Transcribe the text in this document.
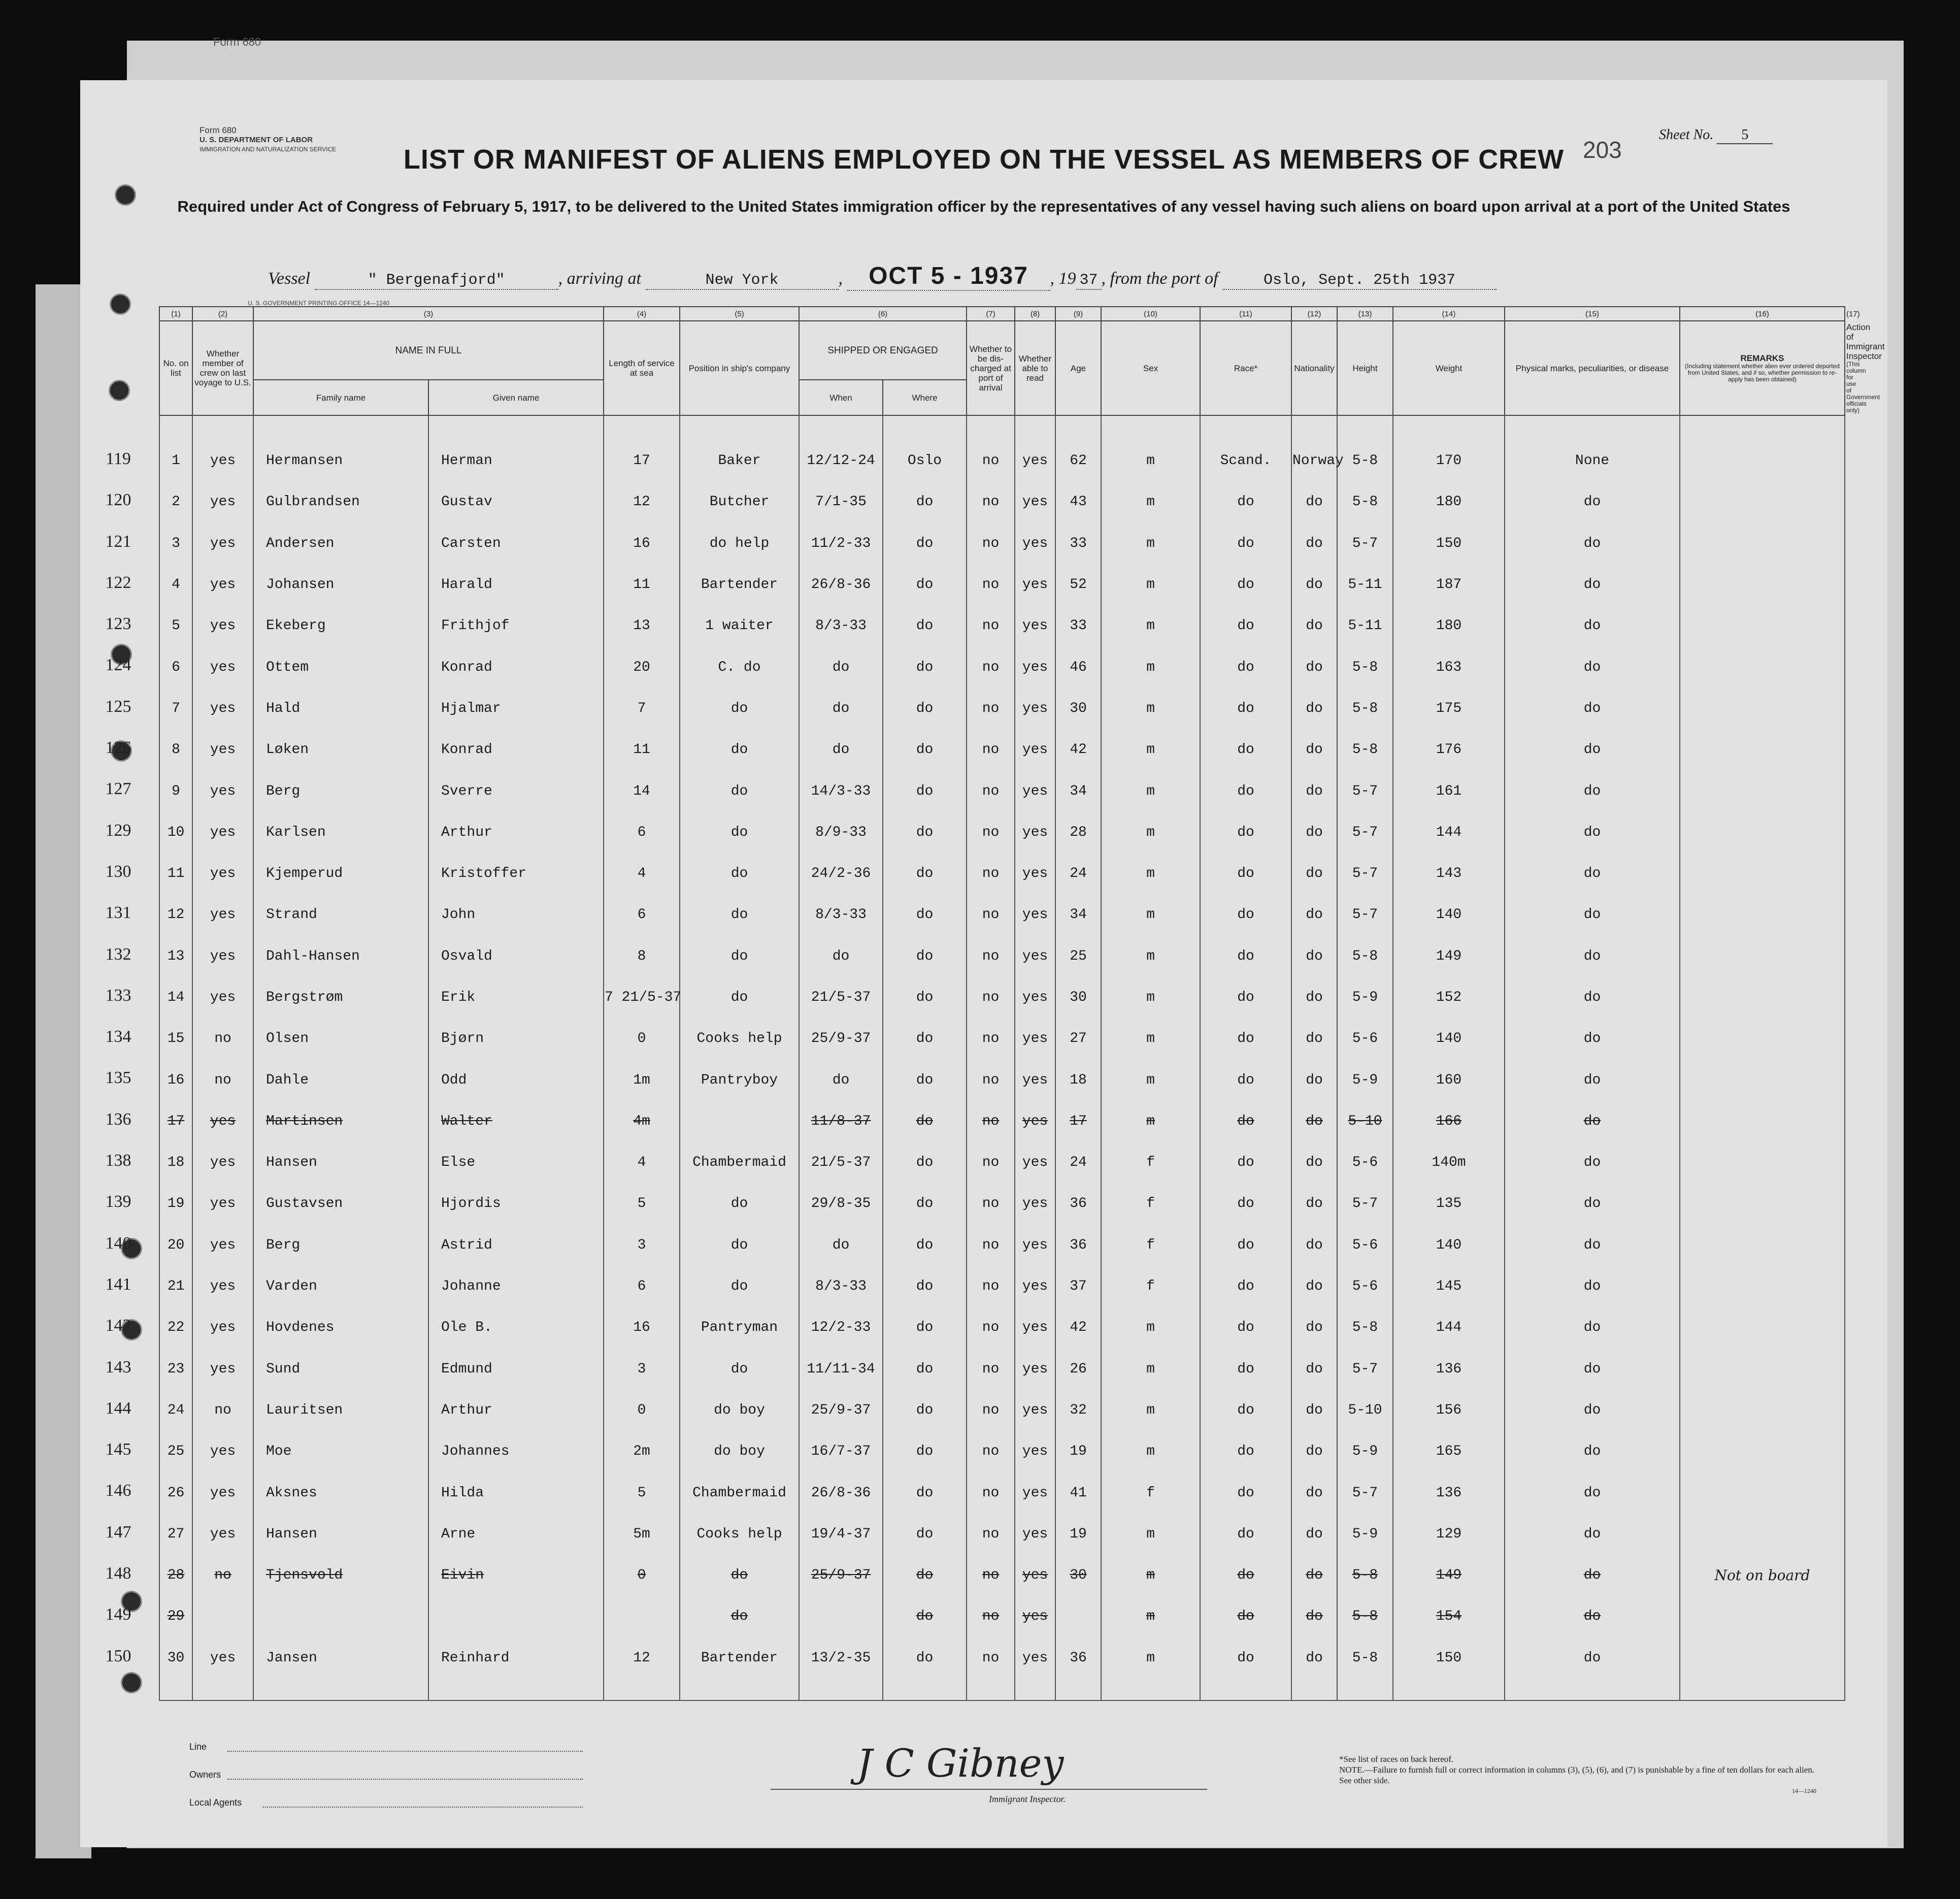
Form 680
Form 680
U. S. DEPARTMENT OF LABOR
IMMIGRATION AND NATURALIZATION SERVICE	203
Sheet No. 5
LIST OR MANIFEST OF ALIENS EMPLOYED ON THE VESSEL AS MEMBERS OF CREW
Required under Act of Congress of February 5, 1917, to be delivered to the United States immigration officer by the representatives of any vessel having such aliens on board upon arrival at a port of the United States
Vessel	" Bergenafjord"	, arriving at	New York	, OCT 5 - 1937 , 19 37 , from the port of	Oslo, Sept. 25th 1937
U. S. GOVERNMENT PRINTING OFFICE 14—1240
119
120
121
122
123
124
125
126
127
129
130
131
132
133
134
135
136
138
139
140
141
142
143
144
145
146
147
148
149
150
(1)	(2)	(3)		(4)	(5)	(6)		(7)	(8)	(9)	(10)	(11)	(12)	(13)	(14)	(15)	(16)	(17)
No. on list	Whether member of crew on last voyage to U.S.	NAME IN FULL		Length of service at sea	Position in ship's company	SHIPPED OR ENGAGED		Whether to be dis-charged at port of arrival	Whether able to read	Age	Sex	Race*	Nationality	Height	Weight	Physical marks, peculiarities, or disease	REMARKS

(Including statement whether alien ever ordered deported from United States, and if so, whether permission to re-apply has been obtained)	Action of Immigrant Inspector

(This column for use of Government officials only)

		Family name	Given name			When	Where											

1	yes	Hermansen	Herman	17	Baker	12/12-24	Oslo	no	yes	62	m	Scand.	Norway	5-8	170	None		
2	yes	Gulbrandsen	Gustav	12	Butcher	7/1-35	do	no	yes	43	m	do	do	5-8	180	do		
3	yes	Andersen	Carsten	16	do help	11/2-33	do	no	yes	33	m	do	do	5-7	150	do		
4	yes	Johansen	Harald	11	Bartender	26/8-36	do	no	yes	52	m	do	do	5-11	187	do		
5	yes	Ekeberg	Frithjof	13	1 waiter	8/3-33	do	no	yes	33	m	do	do	5-11	180	do		
6	yes	Ottem	Konrad	20	C. do	do	do	no	yes	46	m	do	do	5-8	163	do		
7	yes	Hald	Hjalmar	7	do	do	do	no	yes	30	m	do	do	5-8	175	do		
8	yes	Løken	Konrad	11	do	do	do	no	yes	42	m	do	do	5-8	176	do		
9	yes	Berg	Sverre	14	do	14/3-33	do	no	yes	34	m	do	do	5-7	161	do		
10	yes	Karlsen	Arthur	6	do	8/9-33	do	no	yes	28	m	do	do	5-7	144	do		
11	yes	Kjemperud	Kristoffer	4	do	24/2-36	do	no	yes	24	m	do	do	5-7	143	do		
12	yes	Strand	John	6	do	8/3-33	do	no	yes	34	m	do	do	5-7	140	do		
13	yes	Dahl-Hansen	Osvald	8	do	do	do	no	yes	25	m	do	do	5-8	149	do		
14	yes	Bergstrøm	Erik	7 21/5-37	do	21/5-37	do	no	yes	30	m	do	do	5-9	152	do		
15	no	Olsen	Bjørn	0	Cooks help	25/9-37	do	no	yes	27	m	do	do	5-6	140	do		
16	no	Dahle	Odd	1m	Pantryboy	do	do	no	yes	18	m	do	do	5-9	160	do		
17	yes	Martinsen	Walter	4m		11/8-37	do	no	yes	17	m	do	do	5-10	166	do		
18	yes	Hansen	Else	4	Chambermaid	21/5-37	do	no	yes	24	f	do	do	5-6	140m	do		
19	yes	Gustavsen	Hjordis	5	do	29/8-35	do	no	yes	36	f	do	do	5-7	135	do		
20	yes	Berg	Astrid	3	do	do	do	no	yes	36	f	do	do	5-6	140	do		
21	yes	Varden	Johanne	6	do	8/3-33	do	no	yes	37	f	do	do	5-6	145	do		
22	yes	Hovdenes	Ole B.	16	Pantryman	12/2-33	do	no	yes	42	m	do	do	5-8	144	do		
23	yes	Sund	Edmund	3	do	11/11-34	do	no	yes	26	m	do	do	5-7	136	do		
24	no	Lauritsen	Arthur	0	do boy	25/9-37	do	no	yes	32	m	do	do	5-10	156	do		
25	yes	Moe	Johannes	2m	do boy	16/7-37	do	no	yes	19	m	do	do	5-9	165	do		
26	yes	Aksnes	Hilda	5	Chambermaid	26/8-36	do	no	yes	41	f	do	do	5-7	136	do		
27	yes	Hansen	Arne	5m	Cooks help	19/4-37	do	no	yes	19	m	do	do	5-9	129	do		
28	no	Tjensvold	Eivin	0	do	25/9-37	do	no	yes	30	m	do	do	5-8	149	do	Not on board	
29					do		do	no	yes		m	do	do	5-8	154	do		
30	yes	Jansen	Reinhard	12	Bartender	13/2-35	do	no	yes	36	m	do	do	5-8	150	do		

Line
Owners
Local Agents
J C Gibney
Immigrant Inspector.
*See list of races on back hereof.
NOTE.—Failure to furnish full or correct information in columns (3), (5), (6), and (7) is punishable by a fine of ten dollars for each alien. See other side.
14—1240
